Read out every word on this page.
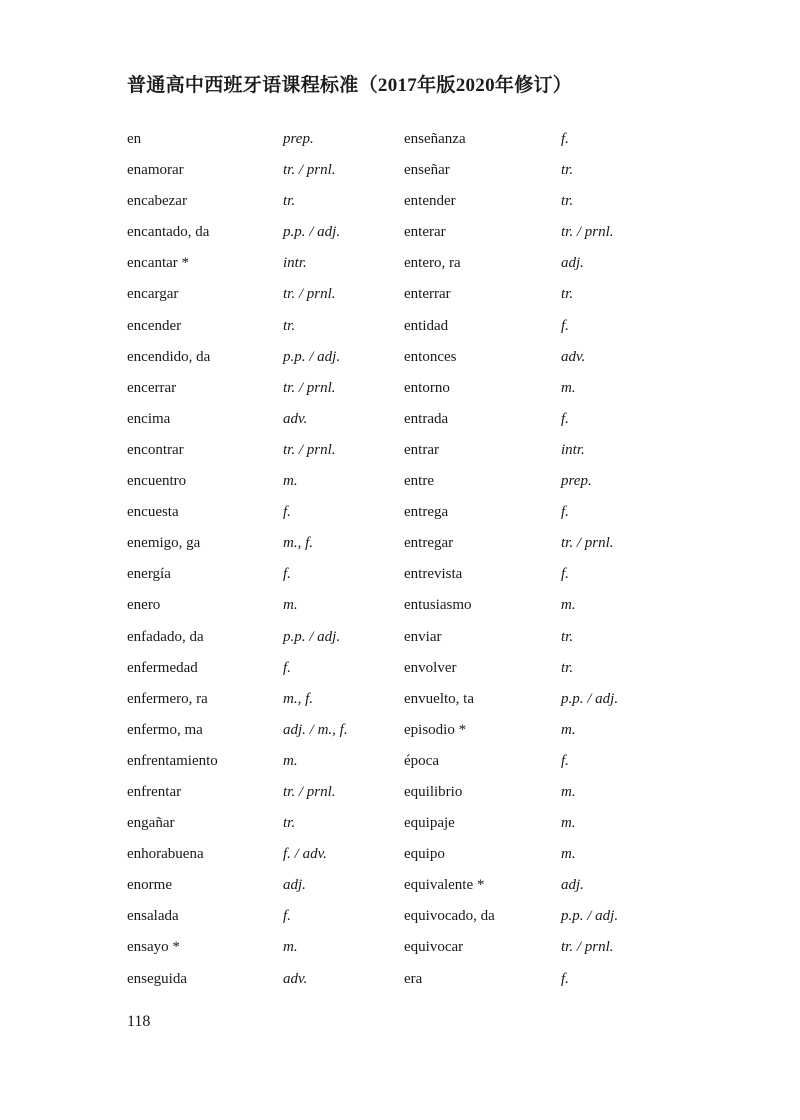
普通高中西班牙语课程标准（2017年版2020年修订）
en	prep.	enseñanza	f.
enamorar	tr. / prnl.	enseñar	tr.
encabezar	tr.	entender	tr.
encantado, da	p.p. / adj.	enterar	tr. / prnl.
encantar *	intr.	entero, ra	adj.
encargar	tr. / prnl.	enterrar	tr.
encender	tr.	entidad	f.
encendido, da	p.p. / adj.	entonces	adv.
encerrar	tr. / prnl.	entorno	m.
encima	adv.	entrada	f.
encontrar	tr. / prnl.	entrar	intr.
encuentro	m.	entre	prep.
encuesta	f.	entrega	f.
enemigo, ga	m., f.	entregar	tr. / prnl.
energía	f.	entrevista	f.
enero	m.	entusiasmo	m.
enfadado, da	p.p. / adj.	enviar	tr.
enfermedad	f.	envolver	tr.
enfermero, ra	m., f.	envuelto, ta	p.p. / adj.
enfermo, ma	adj. / m., f.	episodio *	m.
enfrentamiento	m.	época	f.
enfrentar	tr. / prnl.	equilibrio	m.
engañar	tr.	equipaje	m.
enhorabuena	f. / adv.	equipo	m.
enorme	adj.	equivalente *	adj.
ensalada	f.	equivocado, da	p.p. / adj.
ensayo *	m.	equivocar	tr. / prnl.
enseguida	adv.	era	f.
118
